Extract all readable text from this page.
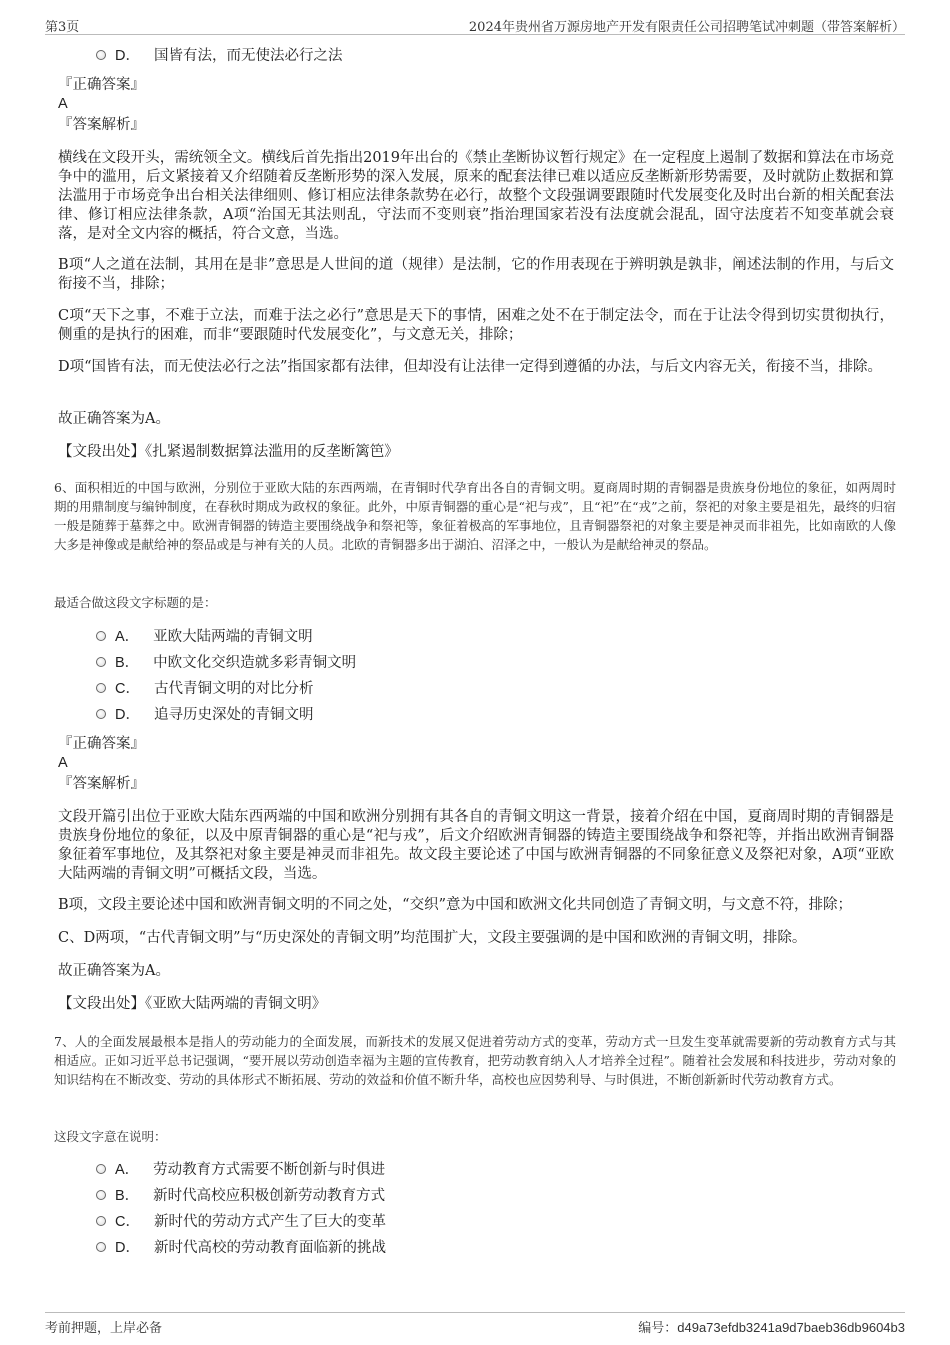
第3页	2024年贵州省万源房地产开发有限责任公司招聘笔试冲刺题（带答案解析）
D． 国皆有法，而无使法必行之法
『正确答案』
A
『答案解析』
横线在文段开头，需统领全文。横线后首先指出2019年出台的《禁止垄断协议暂行规定》在一定程度上遏制了数据和算法在市场竞争中的滥用，后文紧接着又介绍随着反垄断形势的深入发展，原来的配套法律已难以适应反垄断新形势需要，及时就防止数据和算法滥用于市场竞争出台相关法律细则、修订相应法律条款势在必行，故整个文段强调要跟随时代发展变化及时出台新的相关配套法律、修订相应法律条款，A项“治国无其法则乱，守法而不变则衰”指治理国家若没有法度就会混乱，固守法度若不知变革就会衰落，是对全文内容的概括，符合文意，当选。
B项“人之道在法制，其用在是非”意思是人世间的道（规律）是法制，它的作用表现在于辨明孰是孰非，阐述法制的作用，与后文衔接不当，排除；
C项“天下之事，不难于立法，而难于法之必行”意思是天下的事情，困难之处不在于制定法令，而在于让法令得到切实贯彻执行，侧重的是执行的困难，而非“要跟随时代发展变化”，与文意无关，排除；
D项“国皆有法，而无使法必行之法”指国家都有法律，但却没有让法律一定得到遵循的办法，与后文内容无关，衔接不当，排除。
故正确答案为A。
【文段出处】《扎紧遏制数据算法滥用的反垄断篱笆》
6、面积相近的中国与欧洲，分别位于亚欧大陆的东西两端，在青铜时代孕育出各自的青铜文明。夏商周时期的青铜器是贵族身份地位的象征，如两周时期的用鼎制度与编钟制度，在春秋时期成为政权的象征。此外，中原青铜器的重心是“祀与戎”，且“祀”在“戎”之前，祭祀的对象主要是祖先，最终的归宿一般是随葬于墓葬之中。欧洲青铜器的铸造主要围绕战争和祭祀等，象征着极高的军事地位，且青铜器祭祀的对象主要是神灵而非祖先，比如南欧的人像大多是神像或是献给神的祭品或是与神有关的人员。北欧的青铜器多出于湖泊、沼泽之中，一般认为是献给神灵的祭品。
最适合做这段文字标题的是：
A． 亚欧大陆两端的青铜文明
B． 中欧文化交织造就多彩青铜文明
C． 古代青铜文明的对比分析
D． 追寻历史深处的青铜文明
『正确答案』
A
『答案解析』
文段开篇引出位于亚欧大陆东西两端的中国和欧洲分别拥有其各自的青铜文明这一背景，接着介绍在中国，夏商周时期的青铜器是贵族身份地位的象征，以及中原青铜器的重心是“祀与戎”，后文介绍欧洲青铜器的铸造主要围绕战争和祭祀等，并指出欧洲青铜器象征着军事地位，及其祭祀对象主要是神灵而非祖先。故文段主要论述了中国与欧洲青铜器的不同象征意义及祭祀对象，A项“亚欧大陆两端的青铜文明”可概括文段，当选。
B项，文段主要论述中国和欧洲青铜文明的不同之处，“交织”意为中国和欧洲文化共同创造了青铜文明，与文意不符，排除；
C、D两项，“古代青铜文明”与“历史深处的青铜文明”均范围扩大，文段主要强调的是中国和欧洲的青铜文明，排除。
故正确答案为A。
【文段出处】《亚欧大陆两端的青铜文明》
7、人的全面发展最根本是指人的劳动能力的全面发展，而新技术的发展又促进着劳动方式的变革，劳动方式一旦发生变革就需要新的劳动教育方式与其相适应。正如习近平总书记强调，“要开展以劳动创造幸福为主题的宣传教育，把劳动教育纳入人才培养全过程”。随着社会发展和科技进步，劳动对象的知识结构在不断改变、劳动的具体形式不断拓展、劳动的效益和价值不断升华，高校也应因势利导、与时俱进，不断创新新时代劳动教育方式。
这段文字意在说明：
A． 劳动教育方式需要不断创新与时俱进
B． 新时代高校应积极创新劳动教育方式
C． 新时代的劳动方式产生了巨大的变革
D． 新时代高校的劳动教育面临新的挑战
考前押题，上岸必备	编号：d49a73efdb3241a9d7baeb36db9604b3
